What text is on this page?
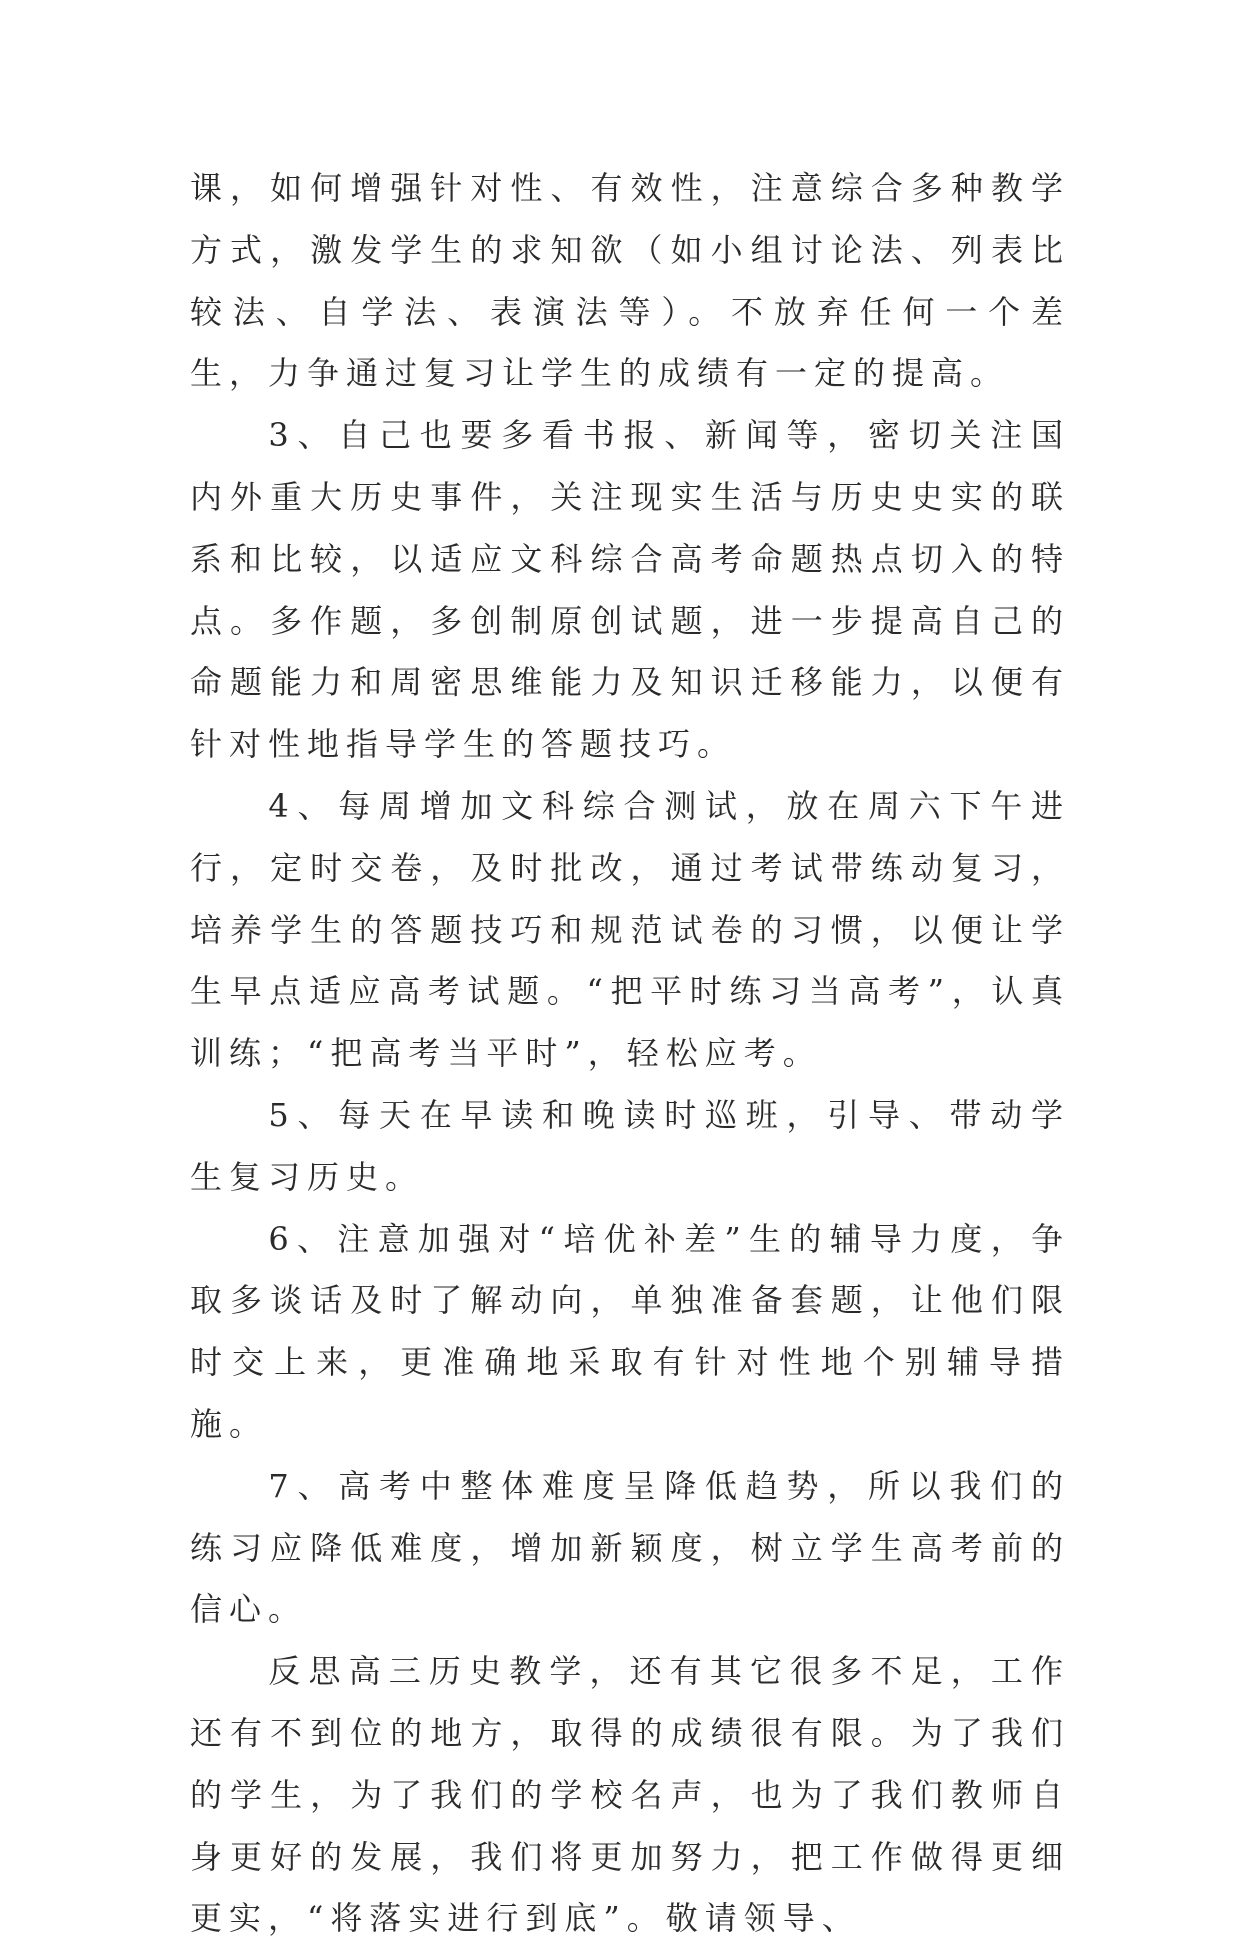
课，如何增强针对性、有效性，注意综合多种教学方式，激发学生的求知欲（如小组讨论法、列表比较法、自学法、表演法等）。不放弃任何一个差生，力争通过复习让学生的成绩有一定的提高。

3、自己也要多看书报、新闻等，密切关注国内外重大历史事件，关注现实生活与历史史实的联系和比较，以适应文科综合高考命题热点切入的特点。多作题，多创制原创试题，进一步提高自己的命题能力和周密思维能力及知识迁移能力，以便有针对性地指导学生的答题技巧。

4、每周增加文科综合测试，放在周六下午进行，定时交卷，及时批改，通过考试带练动复习，培养学生的答题技巧和规范试卷的习惯，以便让学生早点适应高考试题。“把平时练习当高考”，认真训练；“把高考当平时”，轻松应考。

5、每天在早读和晚读时巡班，引导、带动学生复习历史。

6、注意加强对“培优补差”生的辅导力度，争取多谈话及时了解动向，单独准备套题，让他们限时交上来，更准确地采取有针对性地个别辅导措施。

7、高考中整体难度呈降低趋势，所以我们的练习应降低难度，增加新颖度，树立学生高考前的信心。

反思高三历史教学，还有其它很多不足，工作还有不到位的地方，取得的成绩很有限。为了我们的学生，为了我们的学校名声，也为了我们教师自身更好的发展，我们将更加努力，把工作做得更细更实，“将落实进行到底”。敬请领导、
